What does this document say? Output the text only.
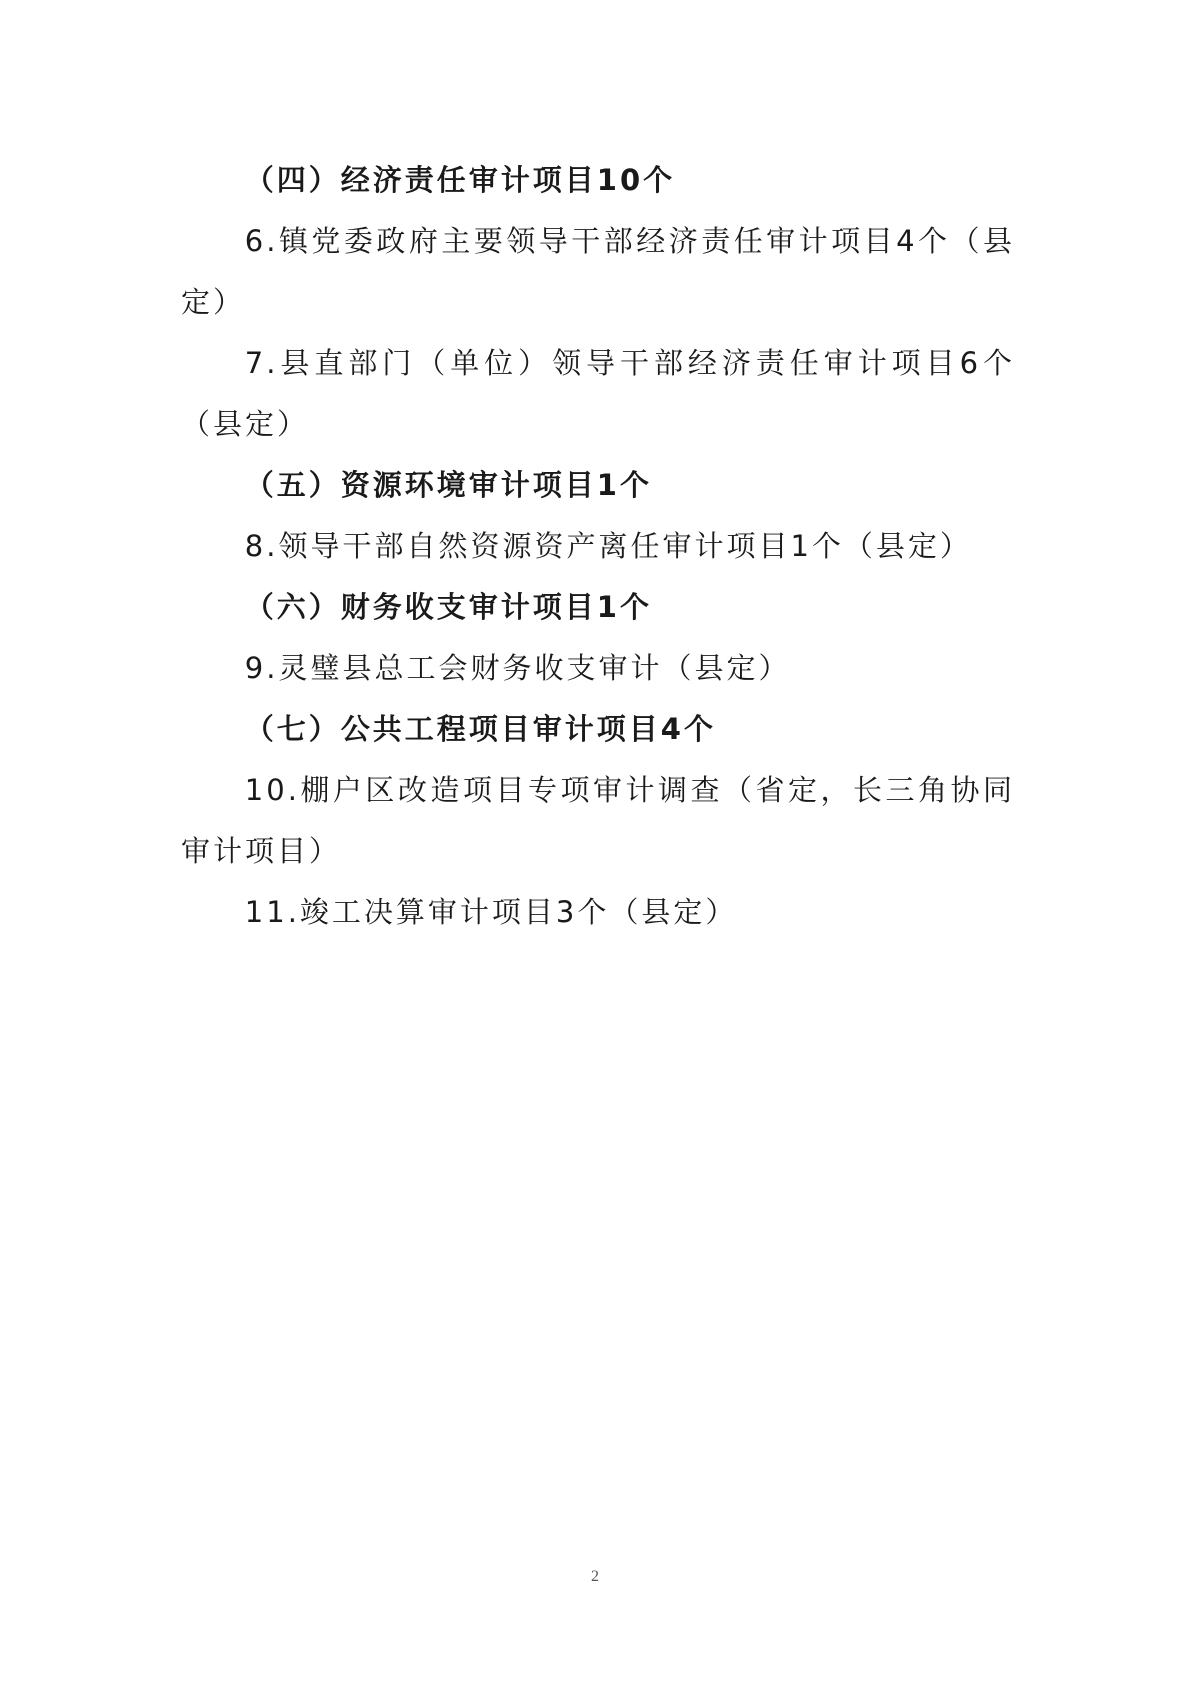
（四）经济责任审计项目10个

6.镇党委政府主要领导干部经济责任审计项目4个（县定）

7.县直部门（单位）领导干部经济责任审计项目6个（县定）

（五）资源环境审计项目1个

8.领导干部自然资源资产离任审计项目1个（县定）

（六）财务收支审计项目1个

9.灵璧县总工会财务收支审计（县定）

（七）公共工程项目审计项目4个

10.棚户区改造项目专项审计调查（省定，长三角协同审计项目）

11.竣工决算审计项目3个（县定）

2
